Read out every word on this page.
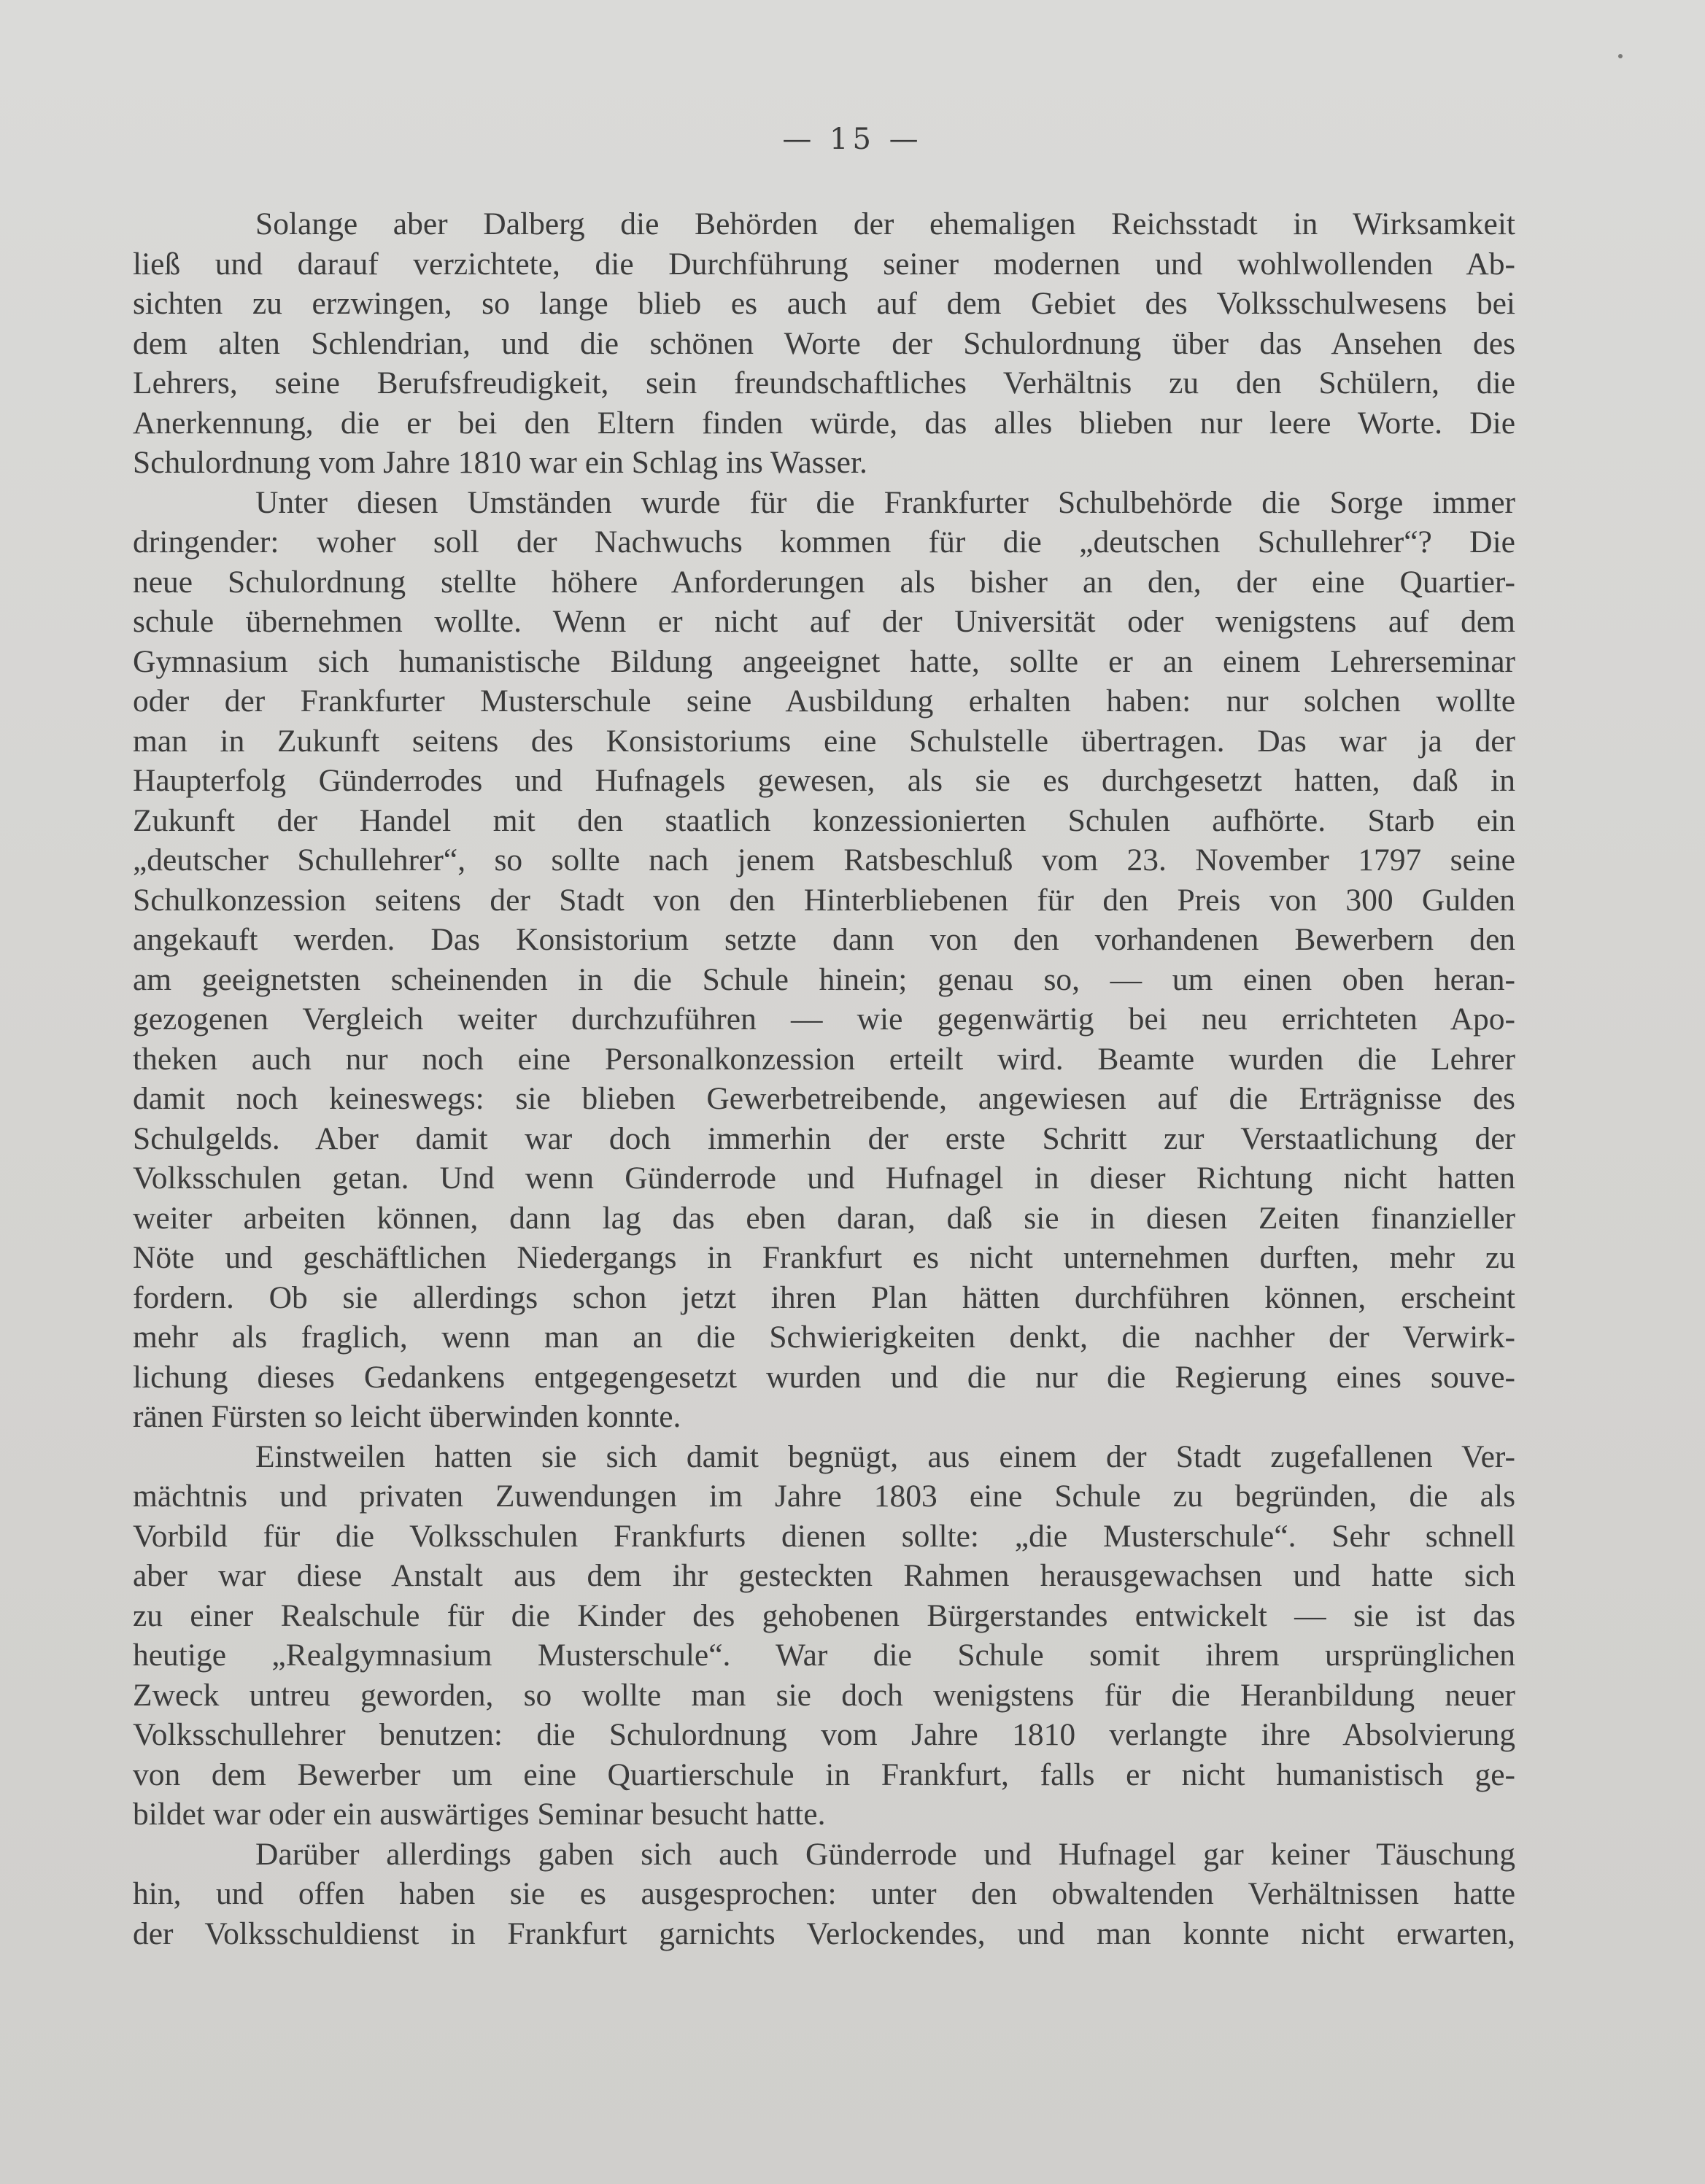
— 15 —
Solange aber Dalberg die Behörden der ehemaligen Reichsstadt in Wirksamkeit
ließ und darauf verzichtete, die Durchführung seiner modernen und wohlwollenden Ab-
sichten zu erzwingen, so lange blieb es auch auf dem Gebiet des Volksschulwesens bei
dem alten Schlendrian, und die schönen Worte der Schulordnung über das Ansehen des
Lehrers, seine Berufsfreudigkeit, sein freundschaftliches Verhältnis zu den Schülern, die
Anerkennung, die er bei den Eltern finden würde, das alles blieben nur leere Worte. Die
Schulordnung vom Jahre 1810 war ein Schlag ins Wasser.
Unter diesen Umständen wurde für die Frankfurter Schulbehörde die Sorge immer
dringender: woher soll der Nachwuchs kommen für die „deutschen Schullehrer“? Die
neue Schulordnung stellte höhere Anforderungen als bisher an den, der eine Quartier-
schule übernehmen wollte. Wenn er nicht auf der Universität oder wenigstens auf dem
Gymnasium sich humanistische Bildung angeeignet hatte, sollte er an einem Lehrerseminar
oder der Frankfurter Musterschule seine Ausbildung erhalten haben: nur solchen wollte
man in Zukunft seitens des Konsistoriums eine Schulstelle übertragen. Das war ja der
Haupterfolg Günderrodes und Hufnagels gewesen, als sie es durchgesetzt hatten, daß in
Zukunft der Handel mit den staatlich konzessionierten Schulen aufhörte. Starb ein
„deutscher Schullehrer“, so sollte nach jenem Ratsbeschluß vom 23. November 1797 seine
Schulkonzession seitens der Stadt von den Hinterbliebenen für den Preis von 300 Gulden
angekauft werden. Das Konsistorium setzte dann von den vorhandenen Bewerbern den
am geeignetsten scheinenden in die Schule hinein; genau so, — um einen oben heran-
gezogenen Vergleich weiter durchzuführen — wie gegenwärtig bei neu errichteten Apo-
theken auch nur noch eine Personalkonzession erteilt wird. Beamte wurden die Lehrer
damit noch keineswegs: sie blieben Gewerbetreibende, angewiesen auf die Erträgnisse des
Schulgelds. Aber damit war doch immerhin der erste Schritt zur Verstaatlichung der
Volksschulen getan. Und wenn Günderrode und Hufnagel in dieser Richtung nicht hatten
weiter arbeiten können, dann lag das eben daran, daß sie in diesen Zeiten finanzieller
Nöte und geschäftlichen Niedergangs in Frankfurt es nicht unternehmen durften, mehr zu
fordern. Ob sie allerdings schon jetzt ihren Plan hätten durchführen können, erscheint
mehr als fraglich, wenn man an die Schwierigkeiten denkt, die nachher der Verwirk-
lichung dieses Gedankens entgegengesetzt wurden und die nur die Regierung eines souve-
ränen Fürsten so leicht überwinden konnte.
Einstweilen hatten sie sich damit begnügt, aus einem der Stadt zugefallenen Ver-
mächtnis und privaten Zuwendungen im Jahre 1803 eine Schule zu begründen, die als
Vorbild für die Volksschulen Frankfurts dienen sollte: „die Musterschule“. Sehr schnell
aber war diese Anstalt aus dem ihr gesteckten Rahmen herausgewachsen und hatte sich
zu einer Realschule für die Kinder des gehobenen Bürgerstandes entwickelt — sie ist das
heutige „Realgymnasium Musterschule“. War die Schule somit ihrem ursprünglichen
Zweck untreu geworden, so wollte man sie doch wenigstens für die Heranbildung neuer
Volksschullehrer benutzen: die Schulordnung vom Jahre 1810 verlangte ihre Absolvierung
von dem Bewerber um eine Quartierschule in Frankfurt, falls er nicht humanistisch ge-
bildet war oder ein auswärtiges Seminar besucht hatte.
Darüber allerdings gaben sich auch Günderrode und Hufnagel gar keiner Täuschung
hin, und offen haben sie es ausgesprochen: unter den obwaltenden Verhältnissen hatte
der Volksschuldienst in Frankfurt garnichts Verlockendes, und man konnte nicht erwarten,
